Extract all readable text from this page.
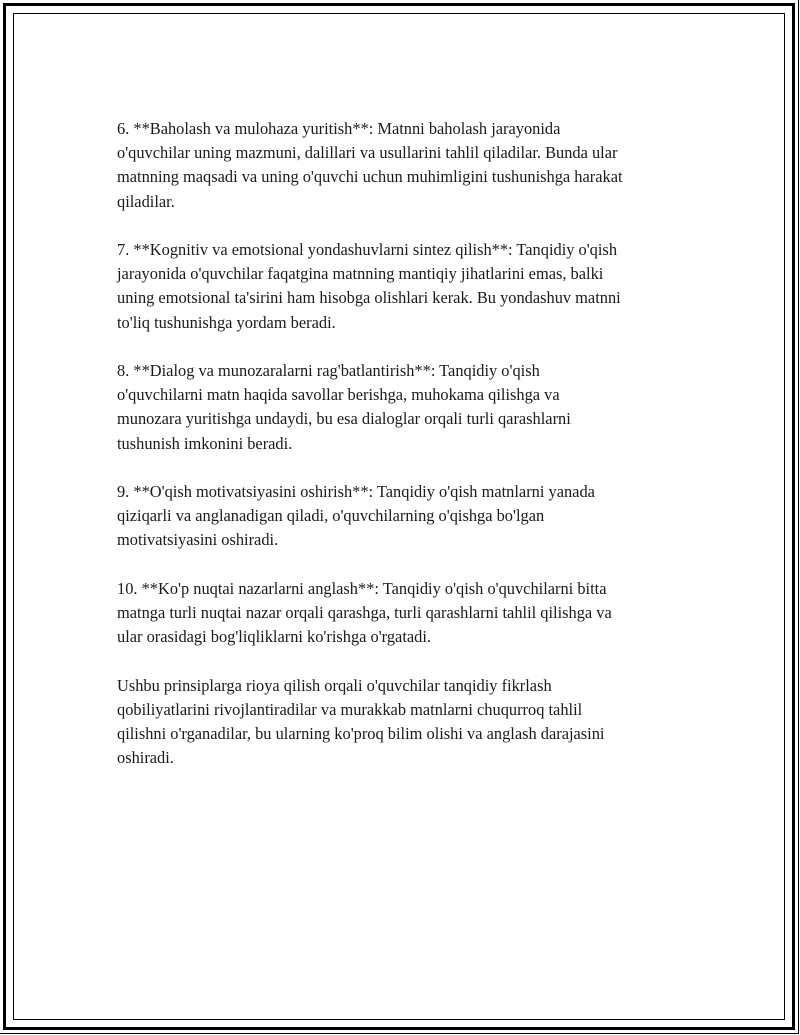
6. **Baholash va mulohaza yuritish**: Matnni baholash jarayonida
o'quvchilar uning mazmuni, dalillari va usullarini tahlil qiladilar. Bunda ular
matnning maqsadi va uning o'quvchi uchun muhimligini tushunishga harakat
qiladilar.

7. **Kognitiv va emotsional yondashuvlarni sintez qilish**: Tanqidiy o'qish
jarayonida o'quvchilar faqatgina matnning mantiqiy jihatlarini emas, balki
uning emotsional ta'sirini ham hisobga olishlari kerak. Bu yondashuv matnni
to'liq tushunishga yordam beradi.

8. **Dialog va munozaralarni rag'batlantirish**: Tanqidiy o'qish
o'quvchilarni matn haqida savollar berishga, muhokama qilishga va
munozara yuritishga undaydi, bu esa dialoglar orqali turli qarashlarni
tushunish imkonini beradi.

9. **O'qish motivatsiyasini oshirish**: Tanqidiy o'qish matnlarni yanada
qiziqarli va anglanadigan qiladi, o'quvchilarning o'qishga bo'lgan
motivatsiyasini oshiradi.

10. **Ko'p nuqtai nazarlarni anglash**: Tanqidiy o'qish o'quvchilarni bitta
matnga turli nuqtai nazar orqali qarashga, turli qarashlarni tahlil qilishga va
ular orasidagi bog'liqliklarni ko'rishga o'rgatadi.

Ushbu prinsiplarga rioya qilish orqali o'quvchilar tanqidiy fikrlash
qobiliyatlarini rivojlantiradilar va murakkab matnlarni chuqurroq tahlil
qilishni o'rganadilar, bu ularning ko'proq bilim olishi va anglash darajasini
oshiradi.
